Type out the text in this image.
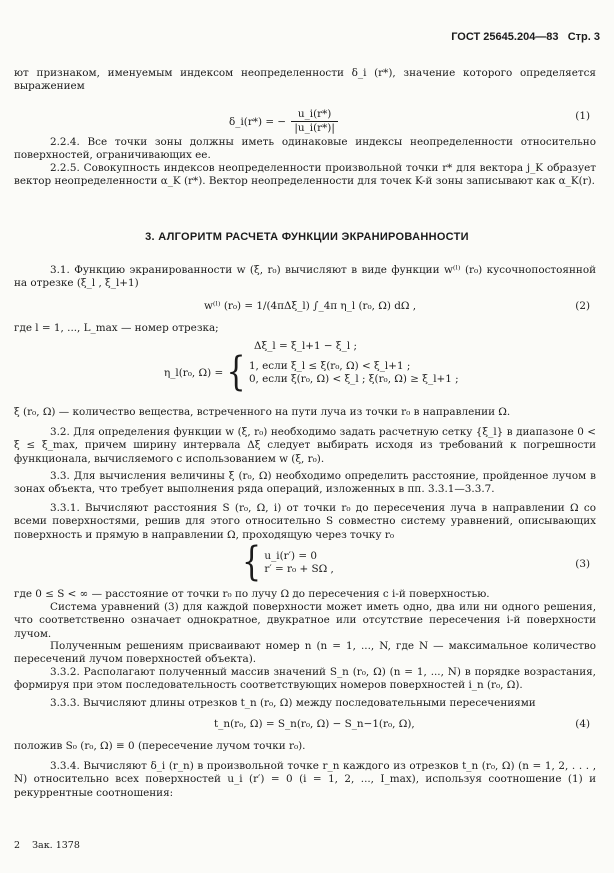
ГОСТ 25645.204—83 Стр. 3
ют признаком, именуемым индексом неопределенности δ_i (r*), значение которого определяется выражением
δ_i(r*) = − $\frac{u\_i(r*)}{|u\_i(r*)|}$	(1)
2.2.4. Все точки зоны должны иметь одинаковые индексы неопределенности относительно поверхностей, ограничивающих ее.
2.2.5. Совокупность индексов неопределенности произвольной точки r* для вектора j_K образует вектор неопределенности α_K (r*). Вектор неопределенности для точек K-й зоны записывают как α_K(r).
3. АЛГОРИТМ РАСЧЕТА ФУНКЦИИ ЭКРАНИРОВАННОСТИ
3.1. Функцию экранированности w (ξ, r₀) вычисляют в виде функции w⁽ˡ⁾ (r₀) кусочнопостоянной на отрезке (ξ_l , ξ_l+1)
w⁽ˡ⁾ (r₀) = 1/(4πΔξ_l) ∫_4π η_l (r₀, Ω) dΩ ,	(2)
где l = 1, ..., L_max — номер отрезка;
Δξ_l = ξ_l+1 − ξ_l ;
η_l(r₀, Ω) = { 1, если ξ_l ≤ ξ(r₀, Ω) < ξ_l+1 ;
0, если ξ(r₀, Ω) < ξ_l ; ξ(r₀, Ω) ≥ ξ_l+1 ;
ξ (r₀, Ω) — количество вещества, встреченного на пути луча из точки r₀ в направлении Ω.
3.2. Для определения функции w (ξ, r₀) необходимо задать расчетную сетку {ξ_l} в диапазоне 0 < ξ ≤ ξ_max, причем ширину интервала Δξ следует выбирать исходя из требований к погрешности функционала, вычисляемого с использованием w (ξ, r₀).
3.3. Для вычисления величины ξ (r₀, Ω) необходимо определить расстояние, пройденное лучом в зонах объекта, что требует выполнения ряда операций, изложенных в пп. 3.3.1—3.3.7.
3.3.1. Вычисляют расстояния S (r₀, Ω, i) от точки r₀ до пересечения луча в направлении Ω со всеми поверхностями, решив для этого относительно S совместно систему уравнений, описывающих поверхность и прямую в направлении Ω, проходящую через точку r₀
{ u_i(r′) = 0
r′ = r₀ + SΩ ,	(3)
где 0 ≤ S < ∞ — расстояние от точки r₀ по лучу Ω до пересечения с i-й поверхностью.
Система уравнений (3) для каждой поверхности может иметь одно, два или ни одного решения, что соответственно означает однократное, двукратное или отсутствие пересечения i-й поверхности лучом.
Полученным решениям присваивают номер n (n = 1, ..., N, где N — максимальное количество пересечений лучом поверхностей объекта).
3.3.2. Располагают полученный массив значений S_n (r₀, Ω) (n = 1, ..., N) в порядке возрастания, формируя при этом последовательность соответствующих номеров поверхностей i_n (r₀, Ω).
3.3.3. Вычисляют длины отрезков t_n (r₀, Ω) между последовательными пересечениями
t_n(r₀, Ω) = S_n(r₀, Ω) − S_n−1(r₀, Ω),	(4)
положив S₀ (r₀, Ω) ≡ 0 (пересечение лучом точки r₀).
3.3.4. Вычисляют δ_i (r_n) в произвольной точке r_n каждого из отрезков t_n (r₀, Ω) (n = 1, 2, . . . , N) относительно всех поверхностей u_i (r′) = 0 (i = 1, 2, ..., I_max), используя соотношение (1) и рекуррентные соотношения:
2 Зак. 1378
